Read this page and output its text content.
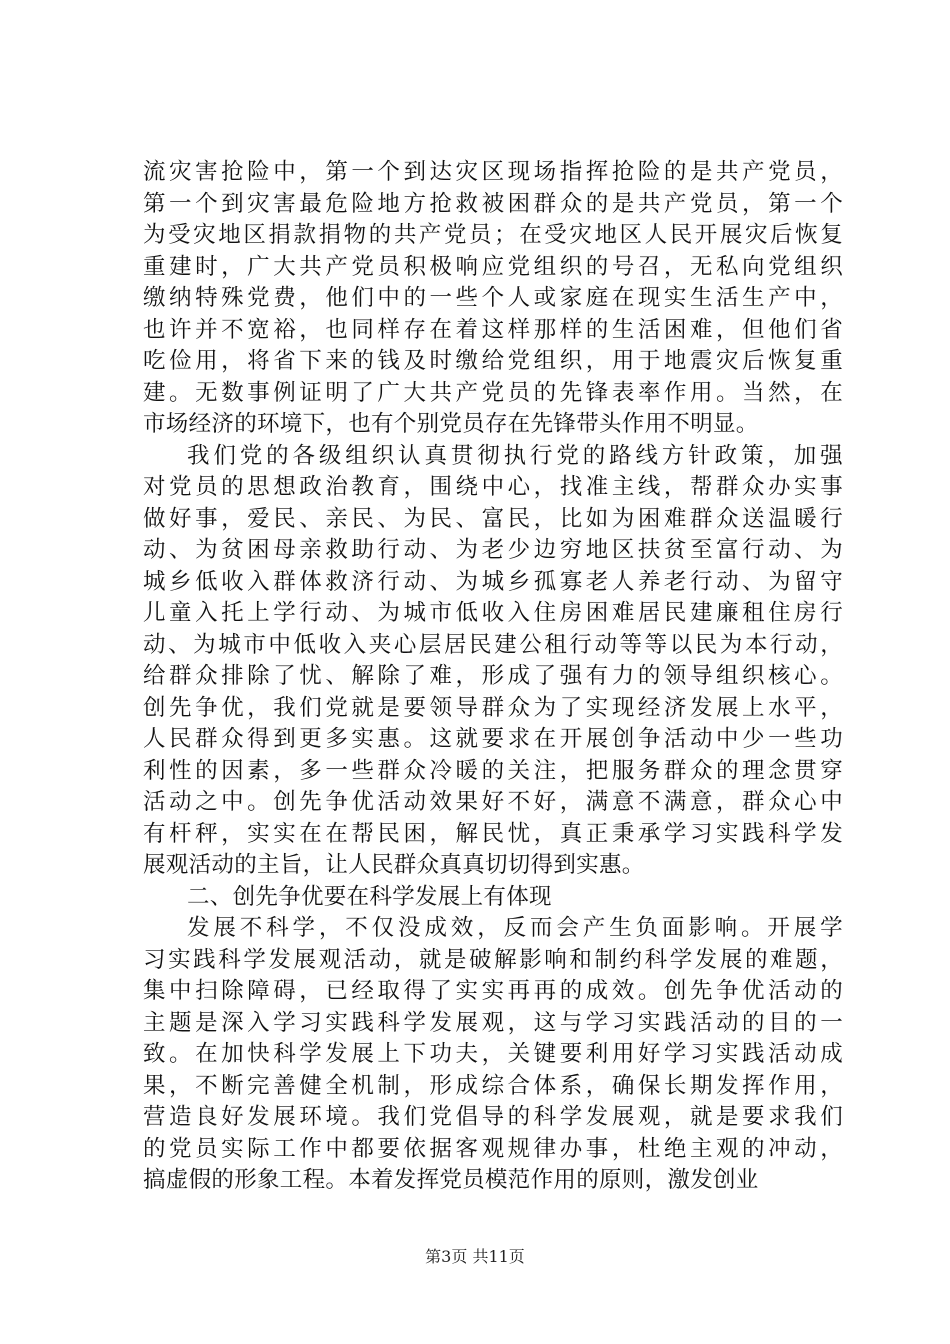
流灾害抢险中，第一个到达灾区现场指挥抢险的是共产党员，
第一个到灾害最危险地方抢救被困群众的是共产党员，第一个
为受灾地区捐款捐物的共产党员；在受灾地区人民开展灾后恢复
重建时，广大共产党员积极响应党组织的号召，无私向党组织
缴纳特殊党费，他们中的一些个人或家庭在现实生活生产中，
也许并不宽裕，也同样存在着这样那样的生活困难，但他们省
吃俭用，将省下来的钱及时缴给党组织，用于地震灾后恢复重
建。无数事例证明了广大共产党员的先锋表率作用。当然，在
市场经济的环境下，也有个别党员存在先锋带头作用不明显。
我们党的各级组织认真贯彻执行党的路线方针政策，加强
对党员的思想政治教育，围绕中心，找准主线，帮群众办实事
做好事，爱民、亲民、为民、富民，比如为困难群众送温暖行
动、为贫困母亲救助行动、为老少边穷地区扶贫至富行动、为
城乡低收入群体救济行动、为城乡孤寡老人养老行动、为留守
儿童入托上学行动、为城市低收入住房困难居民建廉租住房行
动、为城市中低收入夹心层居民建公租行动等等以民为本行动，
给群众排除了忧、解除了难，形成了强有力的领导组织核心。
创先争优，我们党就是要领导群众为了实现经济发展上水平，
人民群众得到更多实惠。这就要求在开展创争活动中少一些功
利性的因素，多一些群众冷暖的关注，把服务群众的理念贯穿
活动之中。创先争优活动效果好不好，满意不满意，群众心中
有杆秤，实实在在帮民困，解民忧，真正秉承学习实践科学发
展观活动的主旨，让人民群众真真切切得到实惠。
二、创先争优要在科学发展上有体现
发展不科学，不仅没成效，反而会产生负面影响。开展学
习实践科学发展观活动，就是破解影响和制约科学发展的难题，
集中扫除障碍，已经取得了实实再再的成效。创先争优活动的
主题是深入学习实践科学发展观，这与学习实践活动的目的一
致。在加快科学发展上下功夫，关键要利用好学习实践活动成
果，不断完善健全机制，形成综合体系，确保长期发挥作用，
营造良好发展环境。我们党倡导的科学发展观，就是要求我们
的党员实际工作中都要依据客观规律办事，杜绝主观的冲动，
搞虚假的形象工程。本着发挥党员模范作用的原则，激发创业
第3页 共11页
